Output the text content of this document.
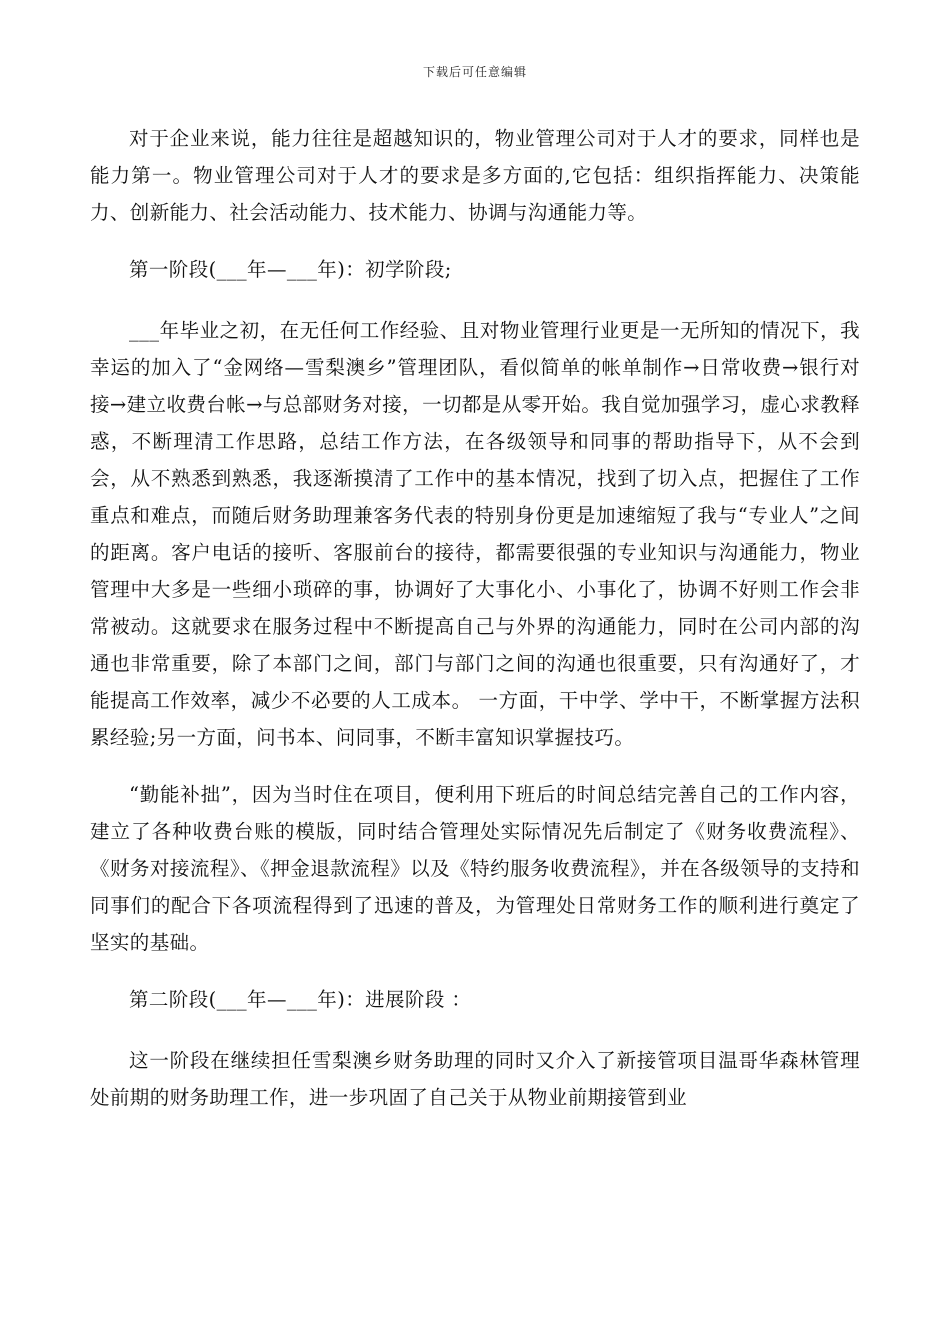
下载后可任意编辑

对于企业来说，能力往往是超越知识的，物业管理公司对于人才的要求，同样也是能力第一。物业管理公司对于人才的要求是多方面的,它包括：组织指挥能力、决策能力、创新能力、社会活动能力、技术能力、协调与沟通能力等。

第一阶段(___年—___年)：初学阶段;

___年毕业之初，在无任何工作经验、且对物业管理行业更是一无所知的情况下，我幸运的加入了“金网络—雪梨澳乡”管理团队，看似简单的帐单制作→日常收费→银行对接→建立收费台帐→与总部财务对接，一切都是从零开始。我自觉加强学习，虚心求教释惑，不断理清工作思路，总结工作方法，在各级领导和同事的帮助指导下，从不会到会，从不熟悉到熟悉，我逐渐摸清了工作中的基本情况，找到了切入点，把握住了工作重点和难点，而随后财务助理兼客务代表的特别身份更是加速缩短了我与“专业人”之间的距离。客户电话的接听、客服前台的接待，都需要很强的专业知识与沟通能力，物业管理中大多是一些细小琐碎的事，协调好了大事化小、小事化了，协调不好则工作会非常被动。这就要求在服务过程中不断提高自己与外界的沟通能力，同时在公司内部的沟通也非常重要，除了本部门之间，部门与部门之间的沟通也很重要，只有沟通好了，才能提高工作效率，减少不必要的人工成本。 一方面，干中学、学中干，不断掌握方法积累经验;另一方面，问书本、问同事，不断丰富知识掌握技巧。

“勤能补拙”，因为当时住在项目，便利用下班后的时间总结完善自己的工作内容，建立了各种收费台账的模版，同时结合管理处实际情况先后制定了《财务收费流程》、《财务对接流程》、《押金退款流程》以及《特约服务收费流程》，并在各级领导的支持和同事们的配合下各项流程得到了迅速的普及，为管理处日常财务工作的顺利进行奠定了坚实的基础。

第二阶段(___年—___年)：进展阶段 ：

这一阶段在继续担任雪梨澳乡财务助理的同时又介入了新接管项目温哥华森林管理处前期的财务助理工作，进一步巩固了自己关于从物业前期接管到业
